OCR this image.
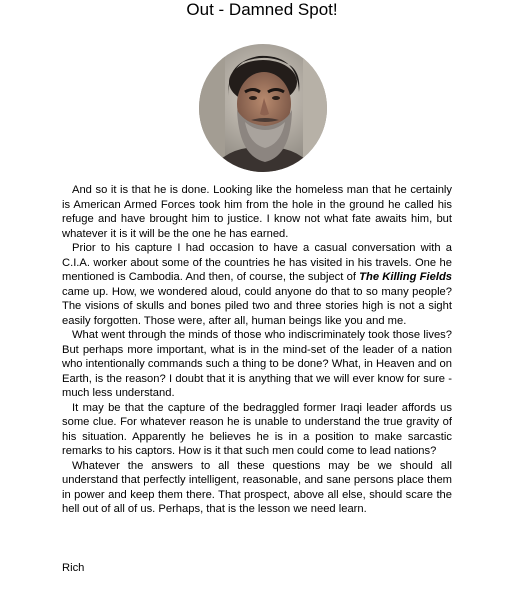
Out - Damned Spot!

And so it is that he is done. Looking like the homeless man that he certainly is American Armed Forces took him from the hole in the ground he called his refuge and have brought him to justice. I know not what fate awaits him, but whatever it is it will be the one he has earned.

Prior to his capture I had occasion to have a casual conversation with a C.I.A. worker about some of the countries he has visited in his travels. One he mentioned is Cambodia. And then, of course, the subject of The Killing Fields came up. How, we wondered aloud, could anyone do that to so many people? The visions of skulls and bones piled two and three stories high is not a sight easily forgotten. Those were, after all, human beings like you and me.

What went through the minds of those who indiscriminately took those lives? But perhaps more important, what is in the mind-set of the leader of a nation who intentionally commands such a thing to be done? What, in Heaven and on Earth, is the reason? I doubt that it is anything that we will ever know for sure - much less understand.

It may be that the capture of the bedraggled former Iraqi leader affords us some clue. For whatever reason he is unable to understand the true gravity of his situation. Apparently he believes he is in a position to make sarcastic remarks to his captors. How is it that such men could come to lead nations?

Whatever the answers to all these questions may be we should all understand that perfectly intelligent, reasonable, and sane persons place them in power and keep them there. That prospect, above all else, should scare the hell out of all of us. Perhaps, that is the lesson we need learn.

Rich
